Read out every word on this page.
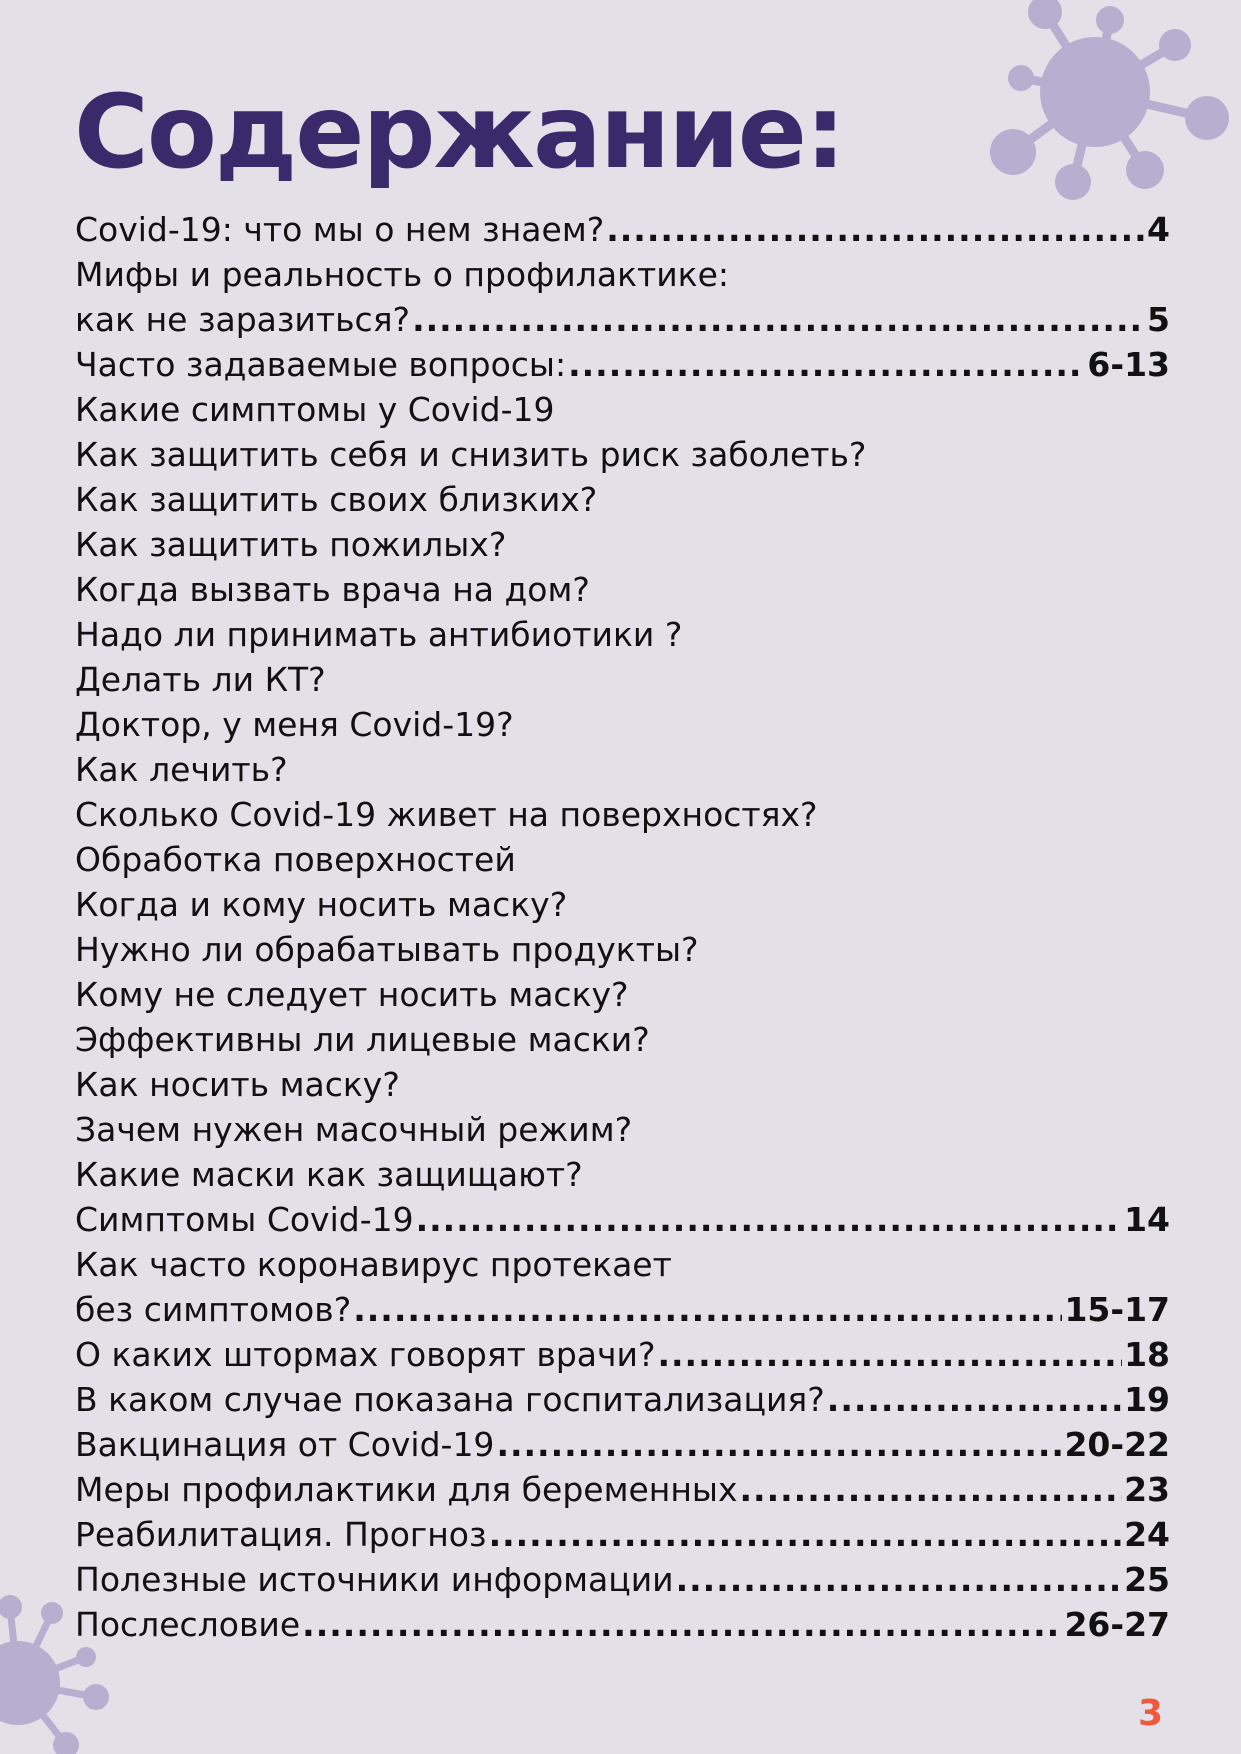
Содержание:
Covid-19: что мы о нем знаем? .....	4
Мифы и реальность о профилактике:
как не заразиться? .....	5
Часто задаваемые вопросы: .....	6-13
Какие симптомы у Covid-19
Как защитить себя и снизить риск заболеть?
Как защитить своих близких?
Как защитить пожилых?
Когда вызвать врача на дом?
Надо ли принимать антибиотики ?
Делать ли КТ?
Доктор, у меня Covid-19?
Как лечить?
Сколько Covid-19 живет на поверхностях?
Обработка поверхностей
Когда и кому носить маску?
Нужно ли обрабатывать продукты?
Кому не следует носить маску?
Эффективны ли лицевые маски?
Как носить маску?
Зачем нужен масочный режим?
Какие маски как защищают?
Симптомы Covid-19 .....	14
Как часто коронавирус протекает
без симптомов? .....	15-17
О каких штормах говорят врачи? .....	18
В каком случае показана госпитализация? .....	19
Вакцинация от Covid-19 .....	20-22
Меры профилактики для беременных .....	23
Реабилитация. Прогноз .....	24
Полезные источники информации .....	25
Послесловие .....	26-27

3
